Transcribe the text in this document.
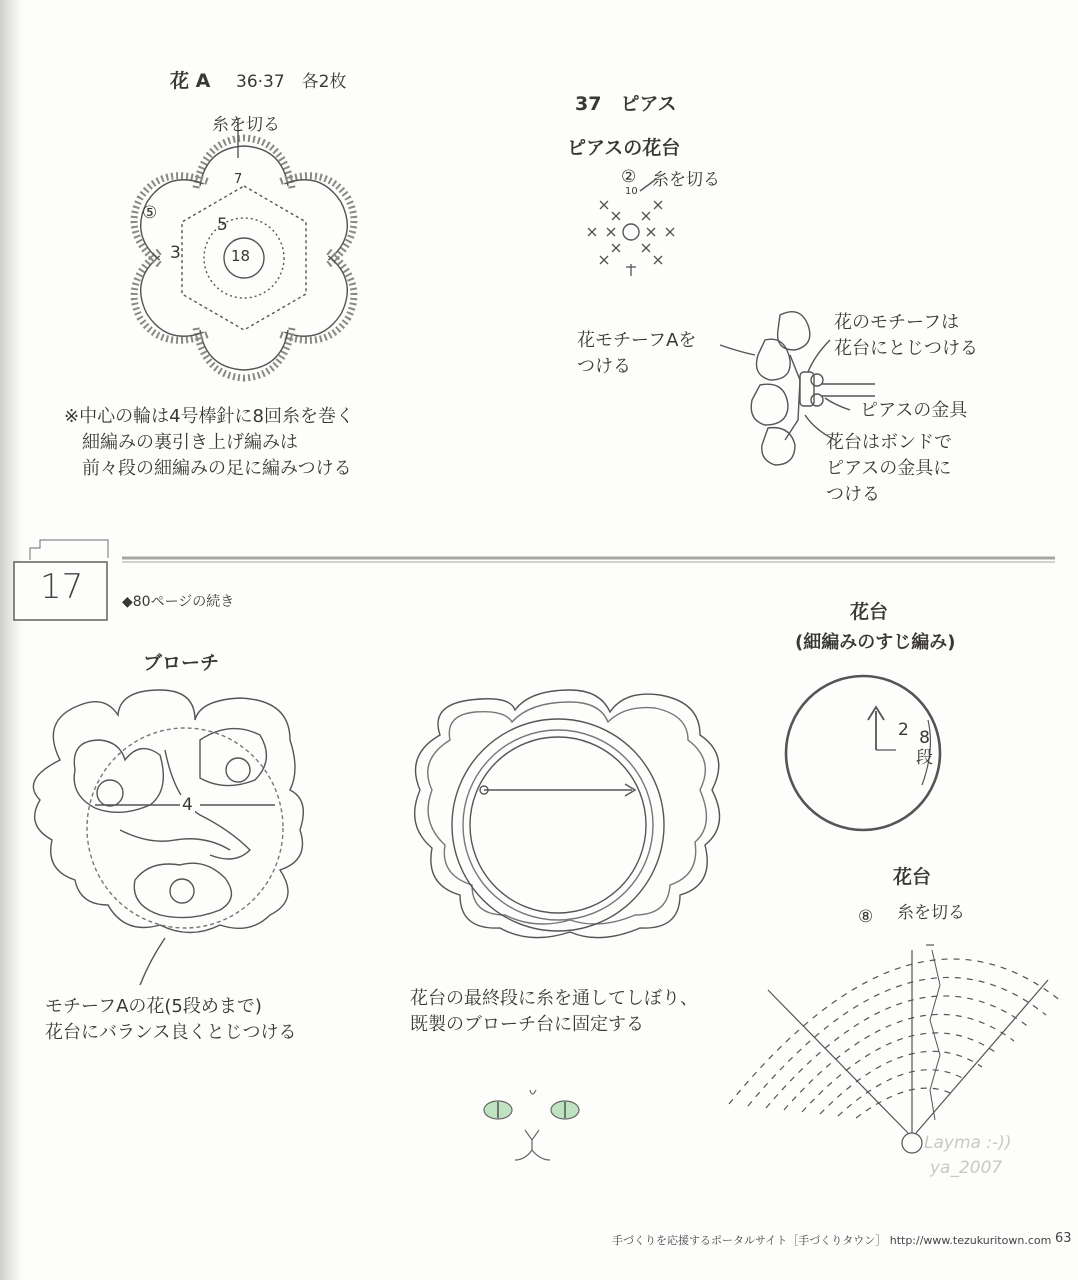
花 A 36·37　各2枚
糸を切る
⑤
3
5
7
18
※中心の輪は4号棒針に8回糸を巻く
　細編みの裏引き上げ編みは
　前々段の細編みの足に編みつける
37　ピアス
ピアスの花台
②
10
糸を切る
花モチーフAを
つける
花のモチーフは
花台にとじつける
ピアスの金具
花台はボンドで
ピアスの金具に
つける
17	◆80ページの続き
ブローチ
4
モチーフAの花(5段めまで)
花台にバランス良くとじつける
花台の最終段に糸を通してしぼり、
既製のブローチ台に固定する
花台
(細編みのすじ編み)
2 8
段
花台
⑧ 糸を切る
Layma :-))
ya_2007
手づくりを応援するポータルサイト［手づくりタウン］ http://www.tezukuritown.com 63
